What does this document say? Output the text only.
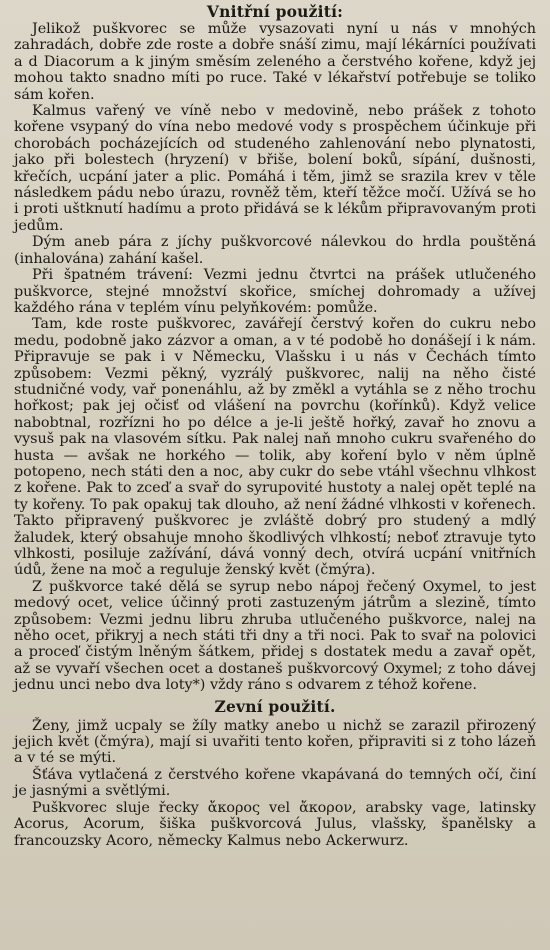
Vnitřní použití:

Jelikož puškvorec se může vysazovati nyní u nás v mnohých zahradách, dobře zde roste a dobře snáší zimu, mají lékárníci používati a d Diacorum a k jiným směsím zeleného a čerstvého kořene, když jej mohou takto snadno míti po ruce. Také v lékařství potřebuje se toliko sám kořen.

Kalmus vařený ve víně nebo v medovině, nebo prášek z tohoto kořene vsypaný do vína nebo medové vody s prospěchem účinkuje při chorobách pocházejících od studeného zahlenování nebo plynatosti, jako při bolestech (hryzení) v břiše, bolení boků, sípání, dušnosti, křečích, ucpání jater a plic. Pomáhá i těm, jimž se srazila krev v těle následkem pádu nebo úrazu, rovněž těm, kteří těžce močí. Užívá se ho i proti uštknutí hadímu a proto přidává se k lékům připravovaným proti jedům.

Dým aneb pára z jíchy puškvorcové nálevkou do hrdla pouštěná (inhalována) zahání kašel.

Při špatném trávení: Vezmi jednu čtvrtci na prášek utlučeného puškvorce, stejné množství skořice, smíchej dohromady a užívej každého rána v teplém vínu pelyňkovém: pomůže.

Tam, kde roste puškvorec, zavářejí čerstvý kořen do cukru nebo medu, podobně jako zázvor a oman, a v té podobě ho donášejí i k nám. Připravuje se pak i v Německu, Vlašsku i u nás v Čechách tímto způsobem: Vezmi pěkný, vyzrálý puškvorec, nalij na něho čisté studničné vody, vař ponenáhlu, až by změkl a vytáhla se z něho trochu hořkost; pak jej očisť od vlášení na povrchu (kořínků). Když velice nabobtnal, rozřízni ho po délce a je-li ještě hořký, zavař ho znovu a vysuš pak na vlasovém sítku. Pak nalej naň mnoho cukru svařeného do husta — avšak ne horkého — tolik, aby koření bylo v něm úplně potopeno, nech státi den a noc, aby cukr do sebe vtáhl všechnu vlhkost z kořene. Pak to zceď a svař do syrupovité hustoty a nalej opět teplé na ty kořeny. To pak opakuj tak dlouho, až není žádné vlhkosti v kořenech. Takto připravený puškvorec je zvláště dobrý pro studený a mdlý žaludek, který obsahuje mnoho škodlivých vlhkostí; neboť ztravuje tyto vlhkosti, posiluje zažívání, dává vonný dech, otvírá ucpání vnitřních údů, žene na moč a reguluje ženský květ (čmýra).

Z puškvorce také dělá se syrup nebo nápoj řečený Oxymel, to jest medový ocet, velice účinný proti zastuzeným játrům a slezině, tímto způsobem: Vezmi jednu libru zhruba utlučeného puškvorce, nalej na něho ocet, přikryj a nech státi tři dny a tři noci. Pak to svař na polovici a proceď čistým lněným šátkem, přidej s dostatek medu a zavař opět, až se vyvaří všechen ocet a dostaneš puškvorcový Oxymel; z toho dávej jednu unci nebo dva loty*) vždy ráno s odvarem z téhož kořene.

Zevní použití.

Ženy, jimž ucpaly se žíly matky anebo u nichž se zarazil přirozený jejich květ (čmýra), mají si uvařiti tento kořen, připraviti si z toho lázeň a v té se mýti.

Šťáva vytlačená z čerstvého kořene vkapávaná do temných očí, činí je jasnými a světlými.

Puškvorec sluje řecky ἄκορος vel ἄκορον, arabsky vage, latinsky Acorus, Acorum, šiška puškvorcová Julus, vlašsky, španělsky a francouzsky Acoro, německy Kalmus nebo Ackerwurz.
